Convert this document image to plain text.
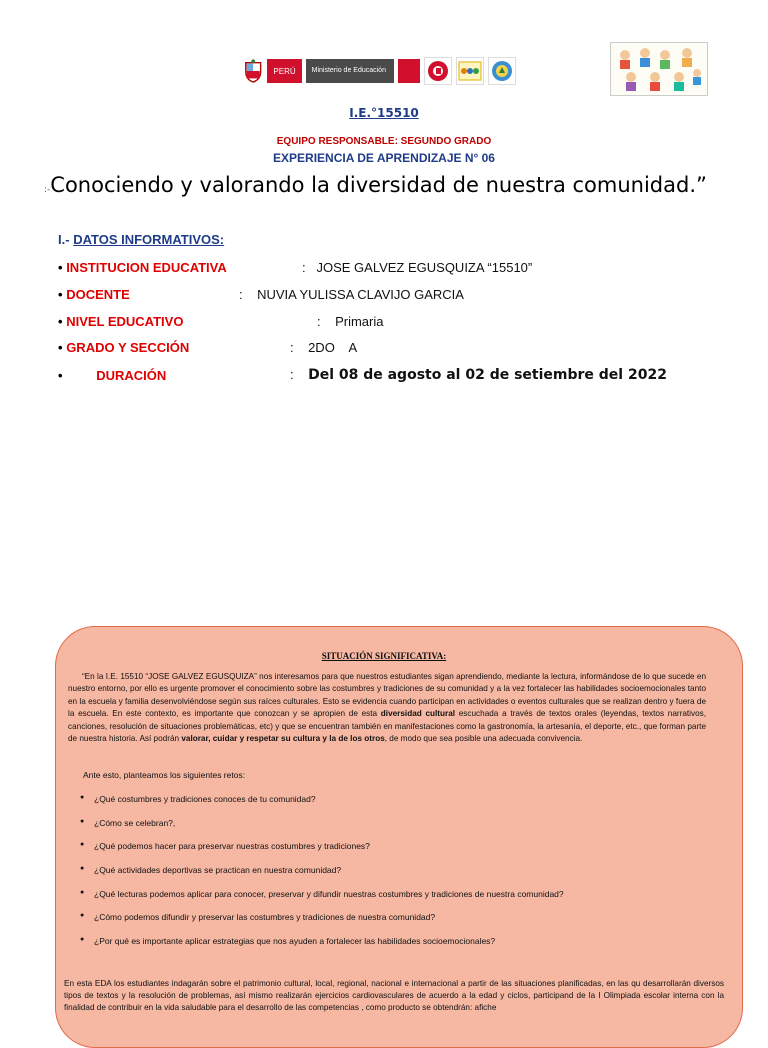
PERÚ	Ministerio de Educación
I.E.°15510
EQUIPO RESPONSABLE: SEGUNDO GRADO
EXPERIENCIA DE APRENDIZAJE N° 06
:-Conociendo y valorando la diversidad de nuestra comunidad.”
I.- DATOS INFORMATIVOS:
• INSTITUCION EDUCATIVA	: JOSE GALVEZ EGUSQUIZA “15510”
• DOCENTE	: NUVIA YULISSA CLAVIJO GARCIA
• NIVEL EDUCATIVO	: Primaria
• GRADO Y SECCIÓN	: 2DO    A
•	DURACIÓN	: Del 08 de agosto al 02 de setiembre del 2022
SITUACIÓN SIGNIFICATIVA:
“En la I.E. 15510 “JOSE GALVEZ EGUSQUIZA” nos interesamos para que nuestros estudiantes sigan aprendiendo, mediante la lectura, informándose de lo que sucede en nuestro entorno, por ello es urgente promover el conocimiento sobre las costumbres y tradiciones de su comunidad y a la vez fortalecer las habilidades socioemocionales tanto en la escuela y familia desenvolviéndose según sus raíces culturales. Esto se evidencia cuando participan en actividades o eventos culturales que se realizan dentro y fuera de la escuela. En este contexto, es importante que conozcan y se apropien de esta diversidad cultural escuchada a través de textos orales (leyendas, textos narrativos, canciones, resolución de situaciones problemáticas, etc) y que se encuentran también en manifestaciones como la gastronomía, la artesanía, el deporte, etc., que forman parte de nuestra historia. Así podrán valorar, cuidar y respetar su cultura y la de los otros, de modo que sea posible una adecuada convivencia.
Ante esto, planteamos los siguientes retos:
● ¿Qué costumbres y tradiciones conoces de tu comunidad?
● ¿Cómo se celebran?,
● ¿Qué podemos hacer para preservar nuestras costumbres y tradiciones?
● ¿Qué actividades deportivas se practican en nuestra comunidad?
● ¿Qué lecturas podemos aplicar para conocer, preservar y difundir nuestras costumbres y tradiciones de nuestra comunidad?
● ¿Cómo podemos difundir y preservar las costumbres y tradiciones de nuestra comunidad?
● ¿Por qué es importante aplicar estrategias que nos ayuden a fortalecer las habilidades socioemocionales?
En esta EDA los estudiantes indagarán sobre el patrimonio cultural, local, regional, nacional e internacional a partir de las situaciones planificadas, en las qu desarrollarán diversos tipos de textos y la resolución de problemas, así mismo realizarán ejercicios cardiovasculares de acuerdo a la edad y ciclos, participand de la I Olimpiada escolar interna con la finalidad de contribuir en la vida saludable para el desarrollo de las competencias , como producto se obtendrán: afiche
